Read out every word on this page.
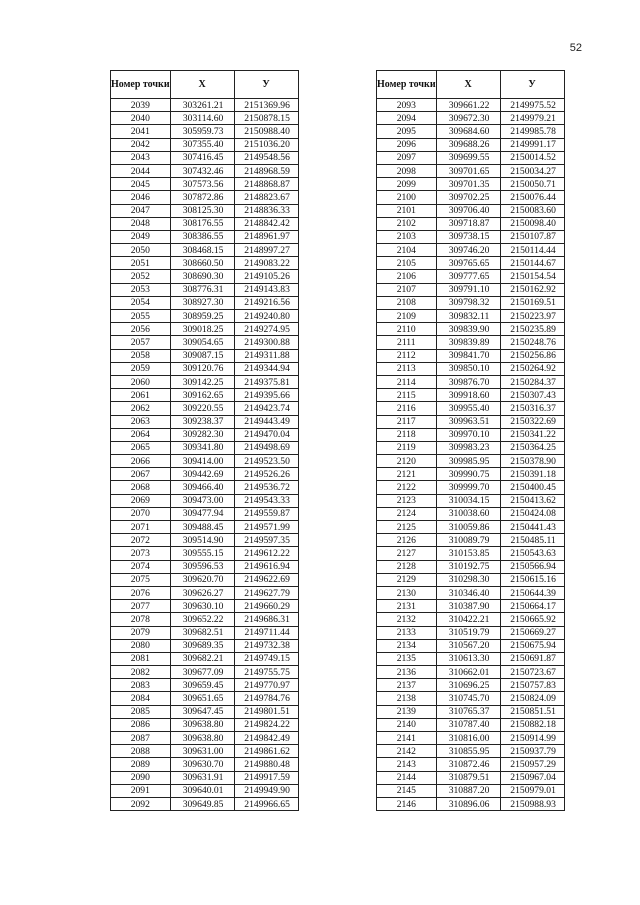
52
Номер точки	X	У
2039	303261.21	2151369.96
2040	303114.60	2150878.15
2041	305959.73	2150988.40
2042	307355.40	2151036.20
2043	307416.45	2149548.56
2044	307432.46	2148968.59
2045	307573.56	2148868.87
2046	307872.86	2148823.67
2047	308125.30	2148836.33
2048	308176.55	2148842.42
2049	308386.55	2148961.97
2050	308468.15	2148997.27
2051	308660.50	2149083.22
2052	308690.30	2149105.26
2053	308776.31	2149143.83
2054	308927.30	2149216.56
2055	308959.25	2149240.80
2056	309018.25	2149274.95
2057	309054.65	2149300.88
2058	309087.15	2149311.88
2059	309120.76	2149344.94
2060	309142.25	2149375.81
2061	309162.65	2149395.66
2062	309220.55	2149423.74
2063	309238.37	2149443.49
2064	309282.30	2149470.04
2065	309341.80	2149498.69
2066	309414.00	2149523.50
2067	309442.69	2149526.26
2068	309466.40	2149536.72
2069	309473.00	2149543.33
2070	309477.94	2149559.87
2071	309488.45	2149571.99
2072	309514.90	2149597.35
2073	309555.15	2149612.22
2074	309596.53	2149616.94
2075	309620.70	2149622.69
2076	309626.27	2149627.79
2077	309630.10	2149660.29
2078	309652.22	2149686.31
2079	309682.51	2149711.44
2080	309689.35	2149732.38
2081	309682.21	2149749.15
2082	309677.09	2149755.75
2083	309659.45	2149770.97
2084	309651.65	2149784.76
2085	309647.45	2149801.51
2086	309638.80	2149824.22
2087	309638.80	2149842.49
2088	309631.00	2149861.62
2089	309630.70	2149880.48
2090	309631.91	2149917.59
2091	309640.01	2149949.90
2092	309649.85	2149966.65
Номер точки	X	У
2093	309661.22	2149975.52
2094	309672.30	2149979.21
2095	309684.60	2149985.78
2096	309688.26	2149991.17
2097	309699.55	2150014.52
2098	309701.65	2150034.27
2099	309701.35	2150050.71
2100	309702.25	2150076.44
2101	309706.40	2150083.60
2102	309718.87	2150098.40
2103	309738.15	2150107.87
2104	309746.20	2150114.44
2105	309765.65	2150144.67
2106	309777.65	2150154.54
2107	309791.10	2150162.92
2108	309798.32	2150169.51
2109	309832.11	2150223.97
2110	309839.90	2150235.89
2111	309839.89	2150248.76
2112	309841.70	2150256.86
2113	309850.10	2150264.92
2114	309876.70	2150284.37
2115	309918.60	2150307.43
2116	309955.40	2150316.37
2117	309963.51	2150322.69
2118	309970.10	2150341.22
2119	309983.23	2150364.25
2120	309985.95	2150378.90
2121	309990.75	2150391.18
2122	309999.70	2150400.45
2123	310034.15	2150413.62
2124	310038.60	2150424.08
2125	310059.86	2150441.43
2126	310089.79	2150485.11
2127	310153.85	2150543.63
2128	310192.75	2150566.94
2129	310298.30	2150615.16
2130	310346.40	2150644.39
2131	310387.90	2150664.17
2132	310422.21	2150665.92
2133	310519.79	2150669.27
2134	310567.20	2150675.94
2135	310613.30	2150691.87
2136	310662.01	2150723.67
2137	310696.25	2150757.83
2138	310745.70	2150824.09
2139	310765.37	2150851.51
2140	310787.40	2150882.18
2141	310816.00	2150914.99
2142	310855.95	2150937.79
2143	310872.46	2150957.29
2144	310879.51	2150967.04
2145	310887.20	2150979.01
2146	310896.06	2150988.93
